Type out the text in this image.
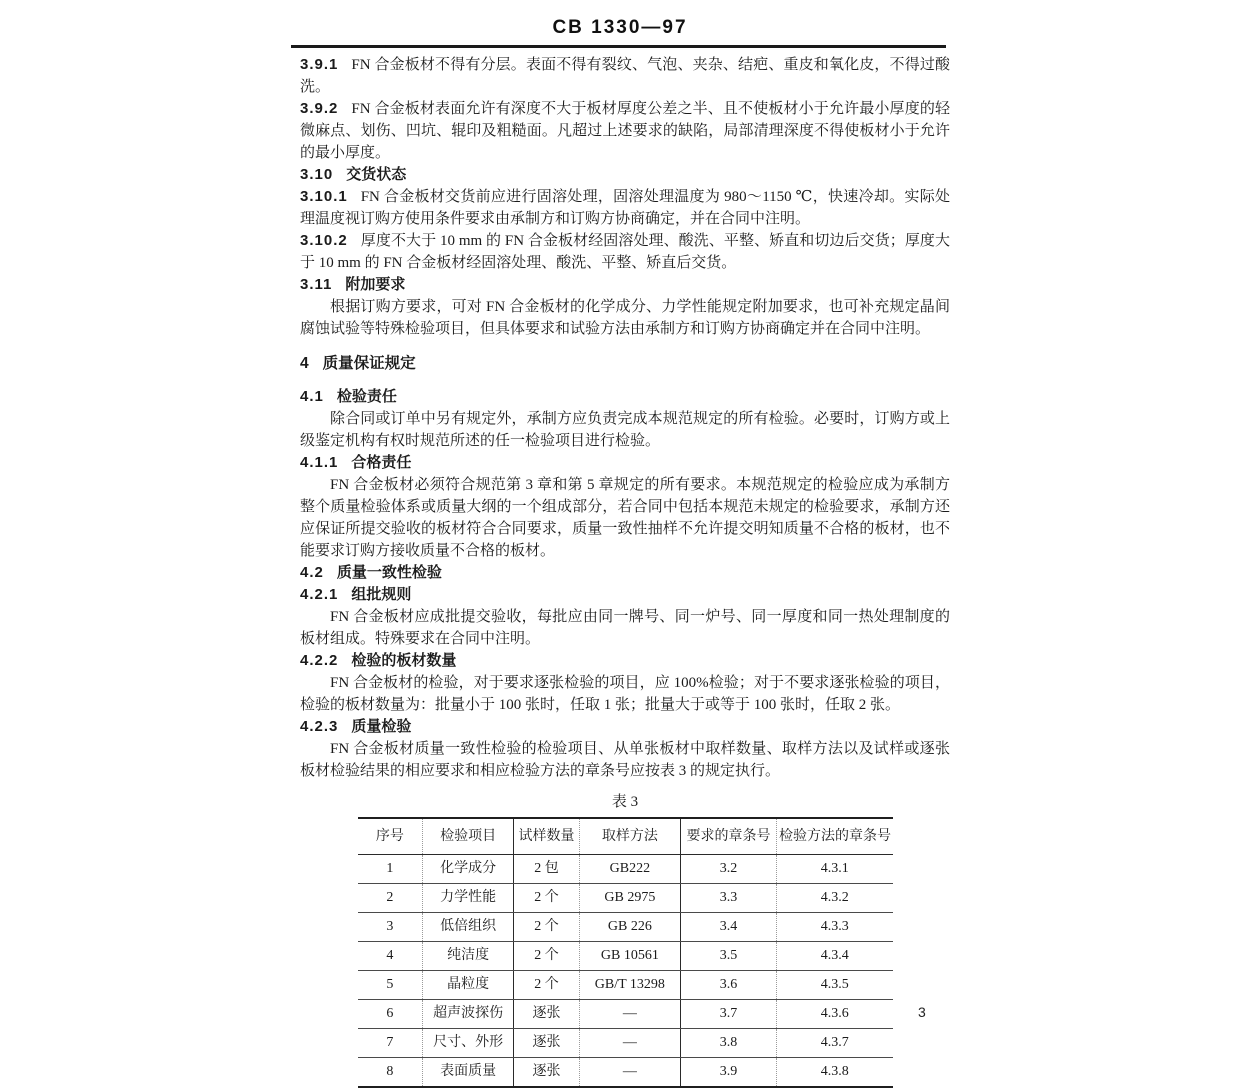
CB 1330—97
3.9.1 FN 合金板材不得有分层。表面不得有裂纹、气泡、夹杂、结疤、重皮和氧化皮，不得过酸洗。
3.9.2 FN 合金板材表面允许有深度不大于板材厚度公差之半、且不使板材小于允许最小厚度的轻微麻点、划伤、凹坑、辊印及粗糙面。凡超过上述要求的缺陷，局部清理深度不得使板材小于允许的最小厚度。
3.10 交货状态
3.10.1 FN 合金板材交货前应进行固溶处理，固溶处理温度为 980～1150 ℃，快速冷却。实际处理温度视订购方使用条件要求由承制方和订购方协商确定，并在合同中注明。
3.10.2 厚度不大于 10 mm 的 FN 合金板材经固溶处理、酸洗、平整、矫直和切边后交货；厚度大于 10 mm 的 FN 合金板材经固溶处理、酸洗、平整、矫直后交货。
3.11 附加要求
根据订购方要求，可对 FN 合金板材的化学成分、力学性能规定附加要求，也可补充规定晶间腐蚀试验等特殊检验项目，但具体要求和试验方法由承制方和订购方协商确定并在合同中注明。
4 质量保证规定
4.1 检验责任
除合同或订单中另有规定外，承制方应负责完成本规范规定的所有检验。必要时，订购方或上级鉴定机构有权时规范所述的任一检验项目进行检验。
4.1.1 合格责任
FN 合金板材必须符合规范第 3 章和第 5 章规定的所有要求。本规范规定的检验应成为承制方整个质量检验体系或质量大纲的一个组成部分，若合同中包括本规范未规定的检验要求，承制方还应保证所提交验收的板材符合合同要求，质量一致性抽样不允许提交明知质量不合格的板材，也不能要求订购方接收质量不合格的板材。
4.2 质量一致性检验
4.2.1 组批规则
FN 合金板材应成批提交验收，每批应由同一牌号、同一炉号、同一厚度和同一热处理制度的板材组成。特殊要求在合同中注明。
4.2.2 检验的板材数量
FN 合金板材的检验，对于要求逐张检验的项目，应 100%检验；对于不要求逐张检验的项目，检验的板材数量为：批量小于 100 张时，任取 1 张；批量大于或等于 100 张时，任取 2 张。
4.2.3 质量检验
FN 合金板材质量一致性检验的检验项目、从单张板材中取样数量、取样方法以及试样或逐张板材检验结果的相应要求和相应检验方法的章条号应按表 3 的规定执行。
表 3
序号	检验项目	试样数量	取样方法	要求的章条号	检验方法的章条号
1	化学成分	2 包	GB222	3.2	4.3.1
2	力学性能	2 个	GB 2975	3.3	4.3.2
3	低倍组织	2 个	GB 226	3.4	4.3.3
4	纯洁度	2 个	GB 10561	3.5	4.3.4
5	晶粒度	2 个	GB/T 13298	3.6	4.3.5
6	超声波探伤	逐张	—	3.7	4.3.6
7	尺寸、外形	逐张	—	3.8	4.3.7
8	表面质量	逐张	—	3.9	4.3.8
3
